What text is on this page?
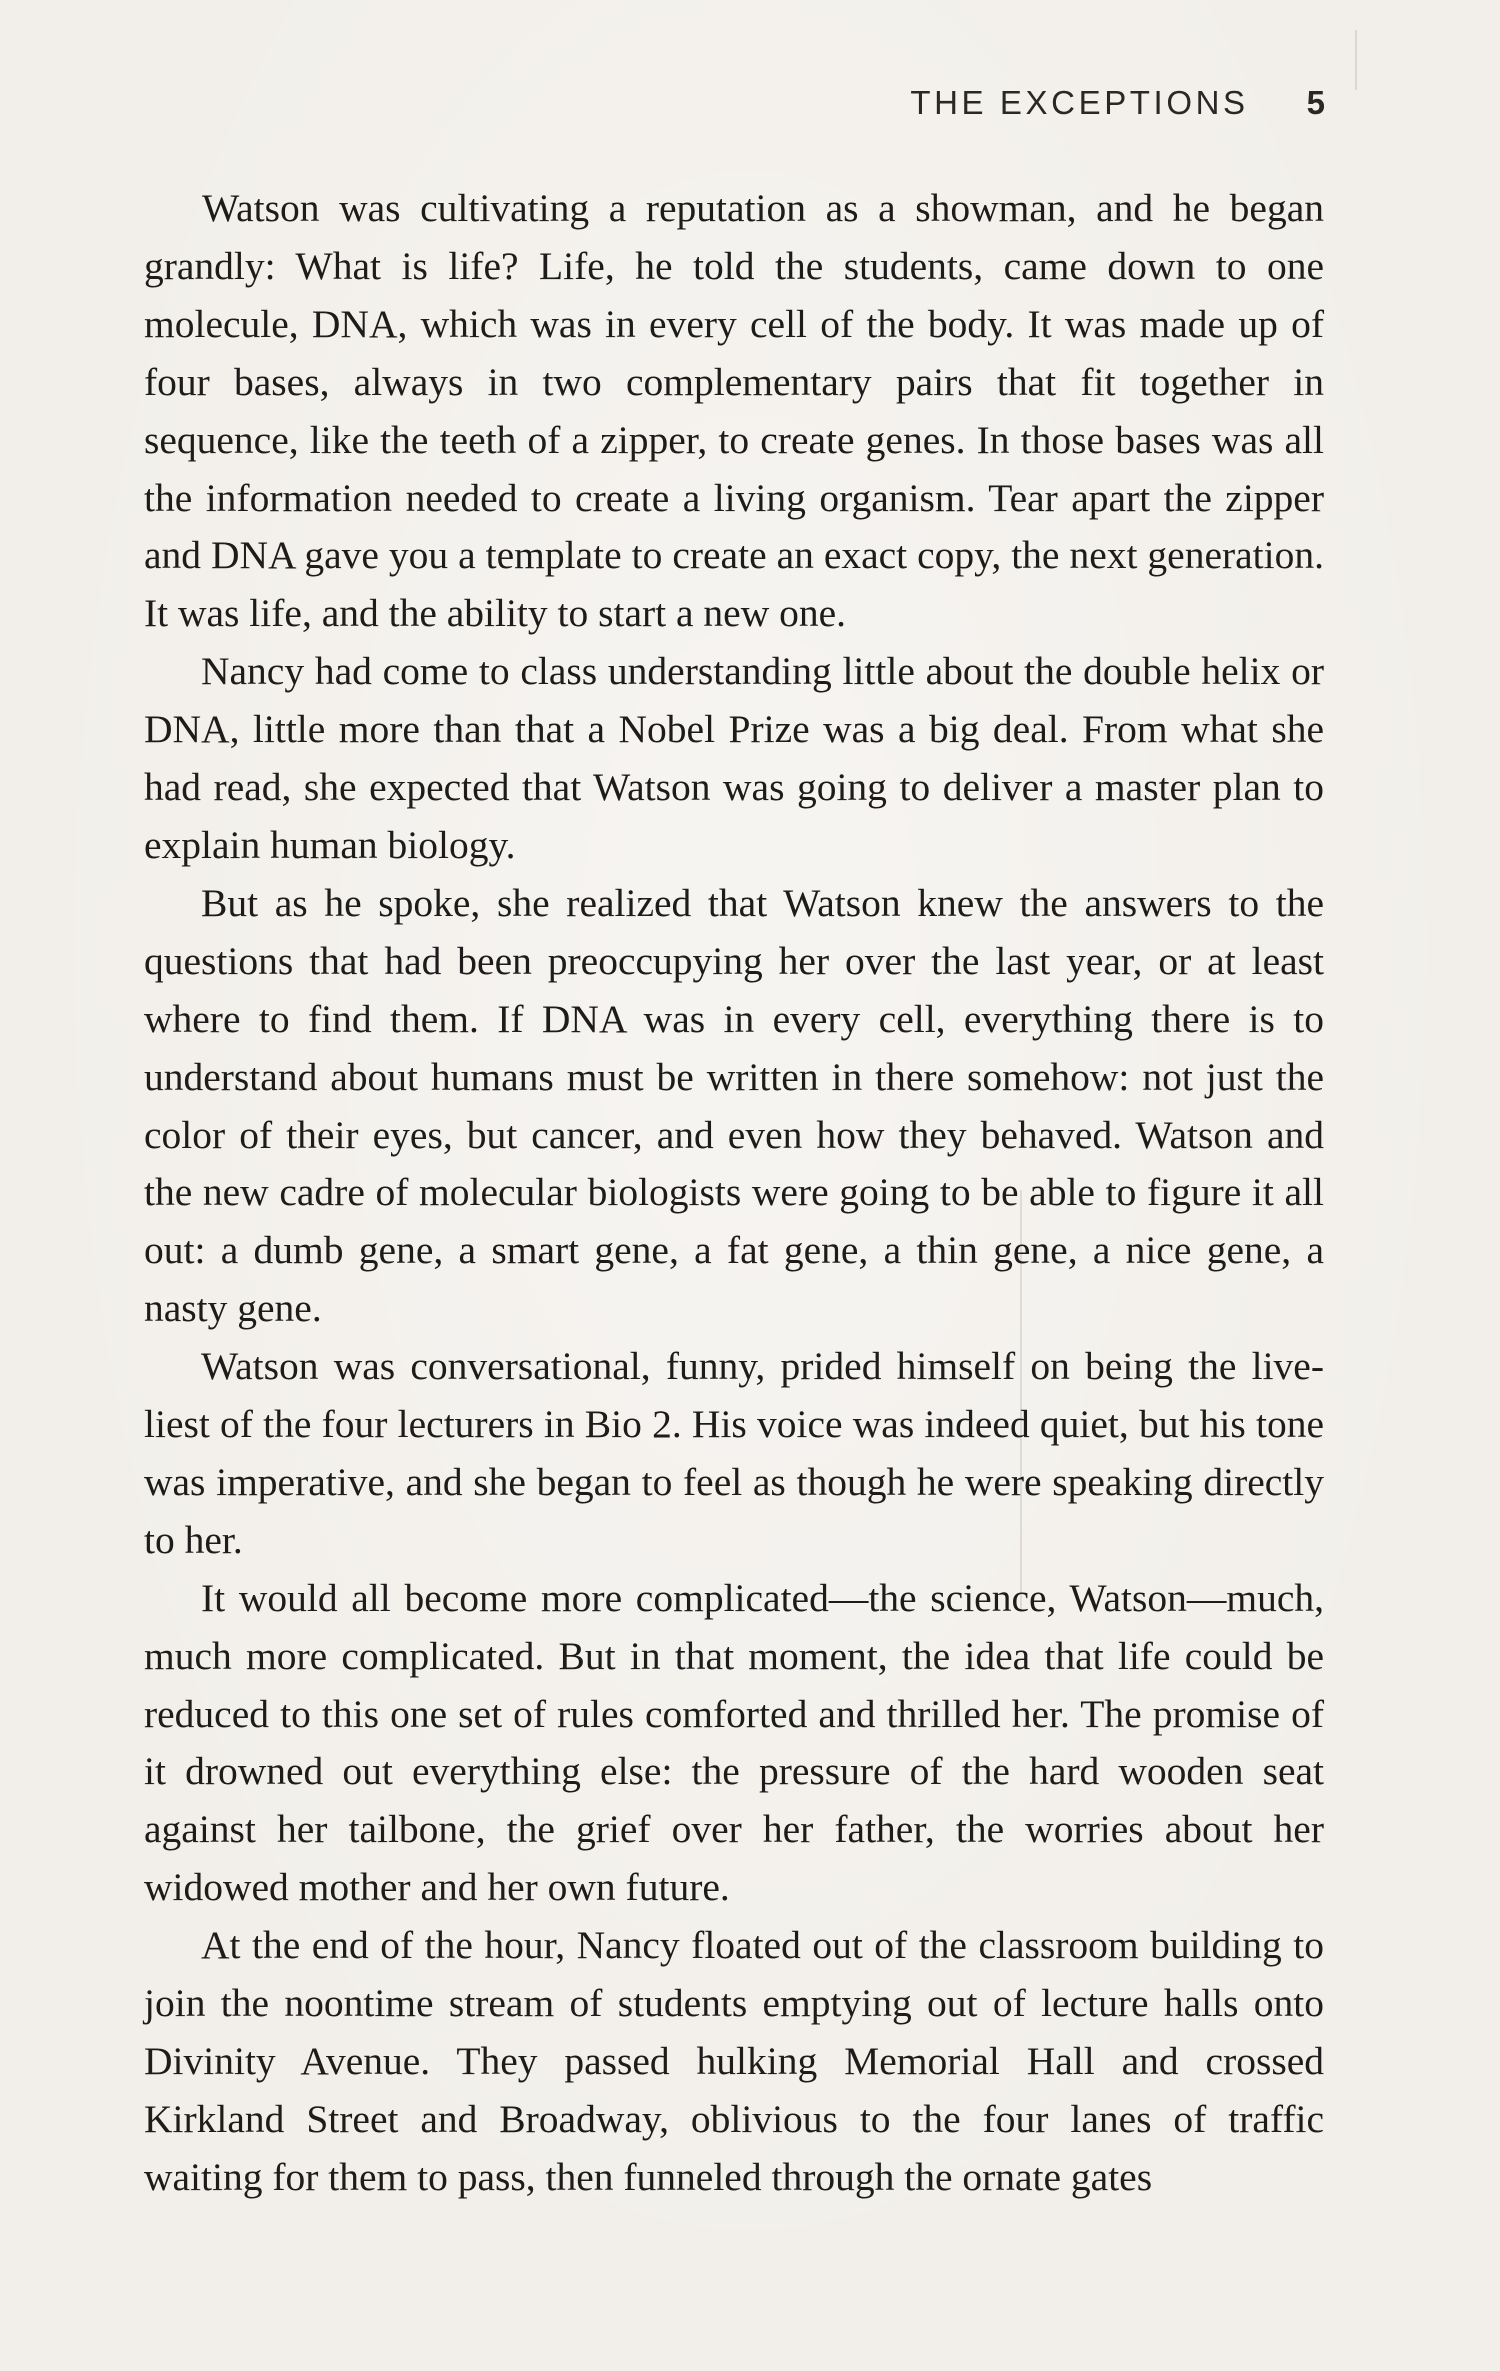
THE EXCEPTIONS 5

Watson was cultivating a reputation as a showman, and he began grandly: What is life? Life, he told the students, came down to one molecule, DNA, which was in every cell of the body. It was made up of four bases, always in two complementary pairs that fit together in sequence, like the teeth of a zipper, to create genes. In those bases was all the information needed to create a living organism. Tear apart the zipper and DNA gave you a template to create an exact copy, the next generation. It was life, and the ability to start a new one.

Nancy had come to class understanding little about the double helix or DNA, little more than that a Nobel Prize was a big deal. From what she had read, she expected that Watson was going to deliver a master plan to explain human biology.

But as he spoke, she realized that Watson knew the answers to the questions that had been preoccupying her over the last year, or at least where to find them. If DNA was in every cell, everything there is to understand about humans must be written in there somehow: not just the color of their eyes, but cancer, and even how they behaved. Watson and the new cadre of molecular biologists were going to be able to figure it all out: a dumb gene, a smart gene, a fat gene, a thin gene, a nice gene, a nasty gene.

Watson was conversational, funny, prided himself on being the liveliest of the four lecturers in Bio 2. His voice was indeed quiet, but his tone was imperative, and she began to feel as though he were speaking directly to her.

It would all become more complicated—the science, Watson—much, much more complicated. But in that moment, the idea that life could be reduced to this one set of rules comforted and thrilled her. The promise of it drowned out everything else: the pressure of the hard wooden seat against her tailbone, the grief over her father, the worries about her widowed mother and her own future.

At the end of the hour, Nancy floated out of the classroom building to join the noontime stream of students emptying out of lecture halls onto Divinity Avenue. They passed hulking Memorial Hall and crossed Kirkland Street and Broadway, oblivious to the four lanes of traffic waiting for them to pass, then funneled through the ornate gates
